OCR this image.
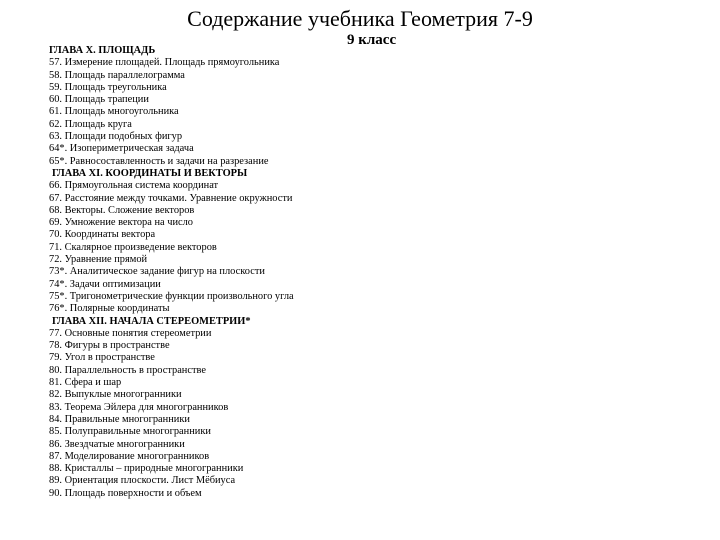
Содержание учебника Геометрия 7-9
9 класс
ГЛАВА X. ПЛОЩАДЬ
57. Измерение площадей. Площадь прямоугольника
58. Площадь параллелограмма
59. Площадь треугольника
60. Площадь трапеции
61. Площадь многоугольника
62. Площадь круга
63. Площади подобных фигур
64*. Изопериметрическая задача
65*. Равносоставленность и задачи на разрезание
ГЛАВА XI. КООРДИНАТЫ И ВЕКТОРЫ
66. Прямоугольная система координат
67. Расстояние между точками. Уравнение окружности
68. Векторы. Сложение векторов
69. Умножение вектора на число
70. Координаты вектора
71. Скалярное произведение векторов
72. Уравнение прямой
73*. Аналитическое задание фигур на плоскости
74*. Задачи оптимизации
75*. Тригонометрические функции произвольного угла
76*. Полярные координаты
ГЛАВА XII. НАЧАЛА СТЕРЕОМЕТРИИ*
77. Основные понятия стереометрии
78. Фигуры в пространстве
79. Угол в пространстве
80. Параллельность в пространстве
81. Сфера и шар
82. Выпуклые многогранники
83. Теорема Эйлера для многогранников
84. Правильные многогранники
85. Полуправильные многогранники
86. Звездчатые многогранники
87. Моделирование многогранников
88. Кристаллы – природные многогранники
89. Ориентация плоскости. Лист Мёбиуса
90. Площадь поверхности и объем
